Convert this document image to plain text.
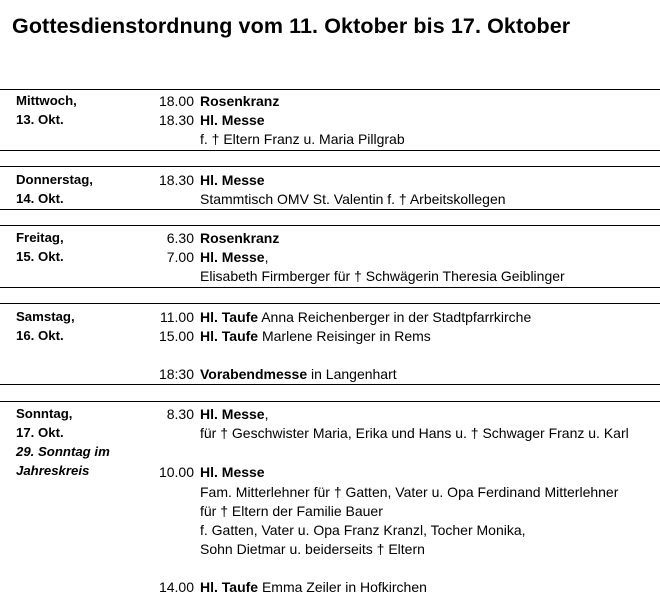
Gottesdienstordnung vom 11. Oktober bis 17. Oktober
Mittwoch,
13. Okt.
18.00 Rosenkranz
18.30 Hl. Messe
f. † Eltern Franz u. Maria Pillgrab
Donnerstag,
14. Okt.
18.30 Hl. Messe
Stammtisch OMV St. Valentin f. † Arbeitskollegen
Freitag,
15. Okt.
6.30 Rosenkranz
7.00 Hl. Messe,
Elisabeth Firmberger für † Schwägerin Theresia Geiblinger
Samstag,
16. Okt.
11.00 Hl. Taufe Anna Reichenberger in der Stadtpfarrkirche
15.00 Hl. Taufe Marlene Reisinger in Rems
18:30 Vorabendmesse in Langenhart
Sonntag,
17. Okt.
29. Sonntag im
Jahreskreis
8.30 Hl. Messe,
für † Geschwister Maria, Erika und Hans u. † Schwager Franz u. Karl
10.00 Hl. Messe
Fam. Mitterlehner für † Gatten, Vater u. Opa Ferdinand Mitterlehner
für † Eltern der Familie Bauer
f. Gatten, Vater u. Opa Franz Kranzl, Tocher Monika,
Sohn Dietmar u. beiderseits † Eltern
14.00 Hl. Taufe Emma Zeiler in Hofkirchen
